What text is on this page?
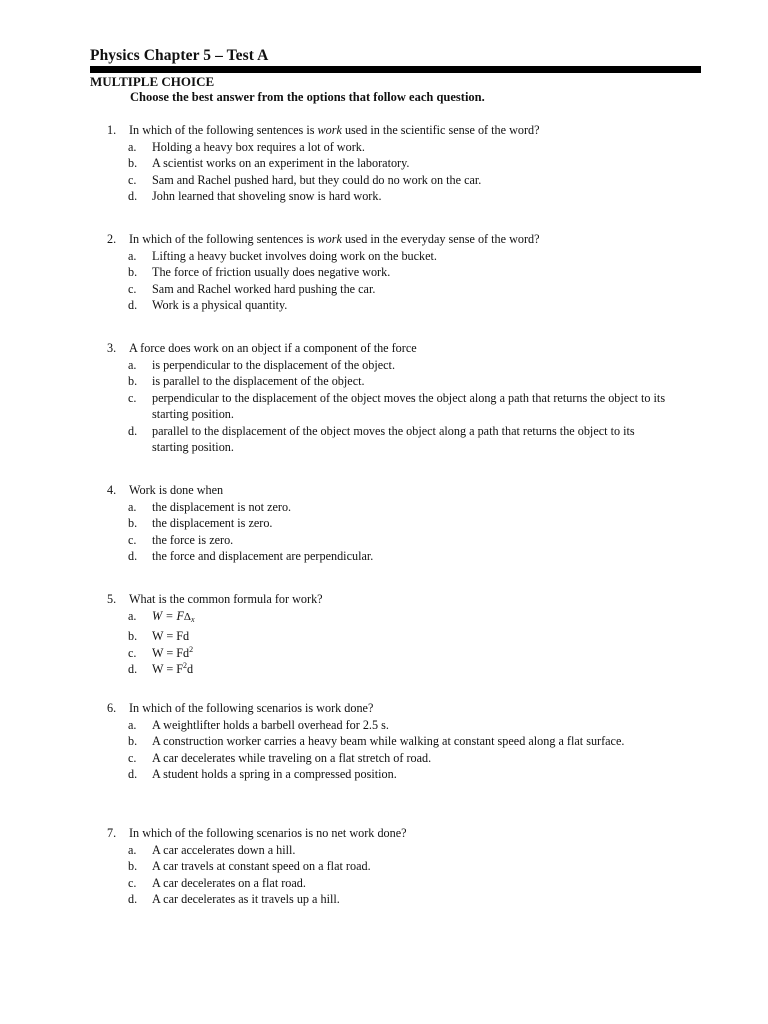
Physics Chapter 5 – Test A
MULTIPLE CHOICE
Choose the best answer from the options that follow each question.
1. In which of the following sentences is work used in the scientific sense of the word?
a. Holding a heavy box requires a lot of work.
b. A scientist works on an experiment in the laboratory.
c. Sam and Rachel pushed hard, but they could do no work on the car.
d. John learned that shoveling snow is hard work.
2. In which of the following sentences is work used in the everyday sense of the word?
a. Lifting a heavy bucket involves doing work on the bucket.
b. The force of friction usually does negative work.
c. Sam and Rachel worked hard pushing the car.
d. Work is a physical quantity.
3. A force does work on an object if a component of the force
a. is perpendicular to the displacement of the object.
b. is parallel to the displacement of the object.
c. perpendicular to the displacement of the object moves the object along a path that returns the object to its starting position.
d. parallel to the displacement of the object moves the object along a path that returns the object to its starting position.
4. Work is done when
a. the displacement is not zero.
b. the displacement is zero.
c. the force is zero.
d. the force and displacement are perpendicular.
5. What is the common formula for work?
a. $W = F\Delta_x$
b. W = Fd
c. $W = Fd^2$
d. $W = F^2d$
6. In which of the following scenarios is work done?
a. A weightlifter holds a barbell overhead for 2.5 s.
b. A construction worker carries a heavy beam while walking at constant speed along a flat surface.
c. A car decelerates while traveling on a flat stretch of road.
d. A student holds a spring in a compressed position.
7. In which of the following scenarios is no net work done?
a. A car accelerates down a hill.
b. A car travels at constant speed on a flat road.
c. A car decelerates on a flat road.
d. A car decelerates as it travels up a hill.
